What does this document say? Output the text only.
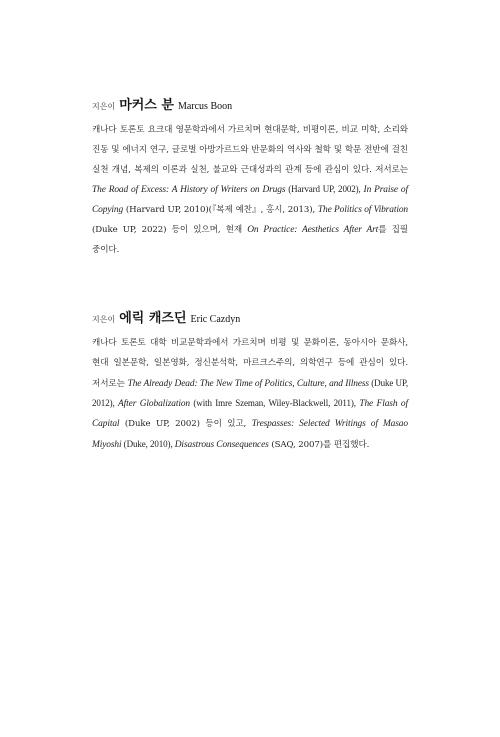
지은이 마커스 분 Marcus Boon

캐나다 토론토 요크대 영문학과에서 가르치며 현대문학, 비평이론, 비교 미학, 소리와 진동 및 에너지 연구, 글로벌 아방가르드와 반문화의 역사와 철학 및 학문 전반에 걸친 실천 개념, 복제의 이론과 실천, 불교와 근대성과의 관계 등에 관심이 있다. 저서로는 The Road of Excess: A History of Writers on Drugs (Harvard UP, 2002), In Praise of Copying (Harvard UP, 2010)(『복제 예찬』, 홍시, 2013), The Politics of Vibration (Duke UP, 2022) 등이 있으며, 현재 On Practice: Aesthetics After Art를 집필 중이다.

지은이 에릭 캐즈딘 Eric Cazdyn

캐나다 토론토 대학 비교문학과에서 가르치며 비평 및 문화이론, 동아시아 문화사, 현대 일본문학, 일본영화, 정신분석학, 마르크스주의, 의학연구 등에 관심이 있다. 저서로는 The Already Dead: The New Time of Politics, Culture, and Illness (Duke UP, 2012), After Globalization (with Imre Szeman, Wiley-Blackwell, 2011), The Flash of Capital (Duke UP, 2002) 등이 있고, Trespasses: Selected Writings of Masao Miyoshi (Duke, 2010), Disastrous Consequences (SAQ, 2007)를 편집했다.
